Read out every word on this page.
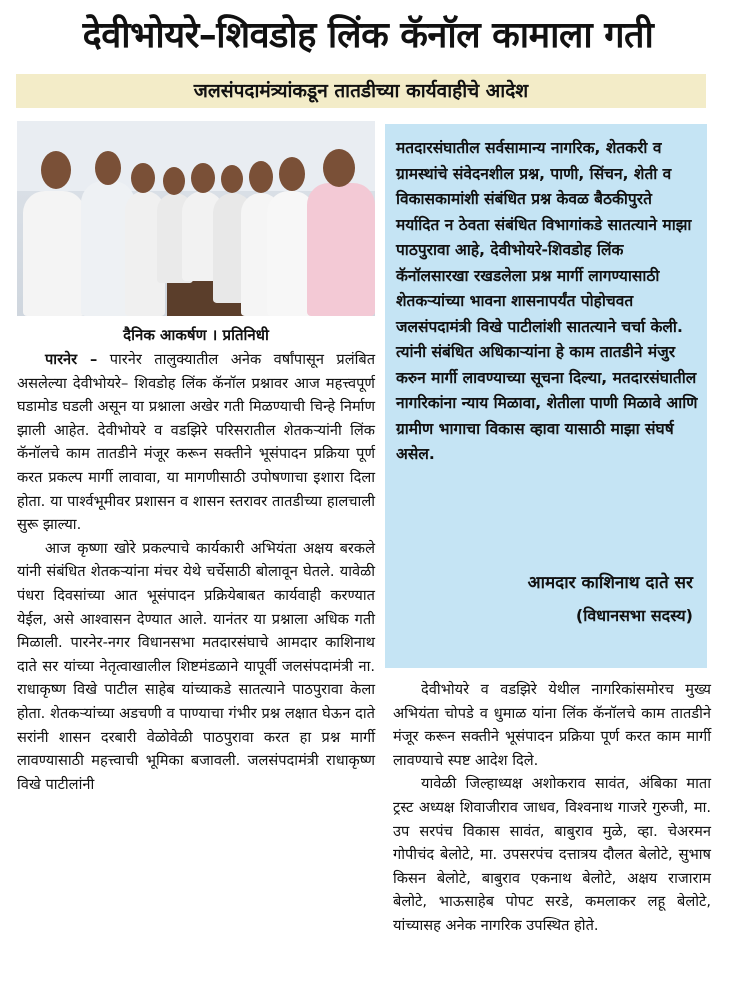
देवीभोयरे–शिवडोह लिंक कॅनॉल कामाला गती
जलसंपदामंत्र्यांकडून तातडीच्या कार्यवाहीचे आदेश
दैनिक आकर्षण । प्रतिनिधी

पारनेर – पारनेर तालुक्यातील अनेक वर्षांपासून प्रलंबित असलेल्या देवीभोयरे– शिवडोह लिंक कॅनॉल प्रश्नावर आज महत्त्वपूर्ण घडामोड घडली असून या प्रश्नाला अखेर गती मिळण्याची चिन्हे निर्माण झाली आहेत. देवीभोयरे व वडझिरे परिसरातील शेतकऱ्यांनी लिंक कॅनॉलचे काम तातडीने मंजूर करून सक्तीने भूसंपादन प्रक्रिया पूर्ण करत प्रकल्प मार्गी लावावा, या मागणीसाठी उपोषणाचा इशारा दिला होता. या पार्श्वभूमीवर प्रशासन व शासन स्तरावर तातडीच्या हालचाली सुरू झाल्या.

आज कृष्णा खोरे प्रकल्पाचे कार्यकारी अभियंता अक्षय बरकले यांनी संबंधित शेतकऱ्यांना मंचर येथे चर्चेसाठी बोलावून घेतले. यावेळी पंधरा दिवसांच्या आत भूसंपादन प्रक्रियेबाबत कार्यवाही करण्यात येईल, असे आश्वासन देण्यात आले. यानंतर या प्रश्नाला अधिक गती मिळाली. पारनेर-नगर विधानसभा मतदारसंघाचे आमदार काशिनाथ दाते सर यांच्या नेतृत्वाखालील शिष्टमंडळाने यापूर्वी जलसंपदामंत्री ना. राधाकृष्ण विखे पाटील साहेब यांच्याकडे सातत्याने पाठपुरावा केला होता. शेतकऱ्यांच्या अडचणी व पाण्याचा गंभीर प्रश्न लक्षात घेऊन दाते सरांनी शासन दरबारी वेळोवेळी पाठपुरावा करत हा प्रश्न मार्गी लावण्यासाठी महत्त्वाची भूमिका बजावली. जलसंपदामंत्री राधाकृष्ण विखे पाटीलांनी

मतदारसंघातील सर्वसामान्य नागरिक, शेतकरी व ग्रामस्थांचे संवेदनशील प्रश्न, पाणी, सिंचन, शेती व विकासकामांशी संबंधित प्रश्न केवळ बैठकीपुरते मर्यादित न ठेवता संबंधित विभागांकडे सातत्याने माझा पाठपुरावा आहे, देवीभोयरे-शिवडोह लिंक कॅनॉलसारखा रखडलेला प्रश्न मार्गी लागण्यासाठी शेतकऱ्यांच्या भावना शासनापर्यंत पोहोचवत जलसंपदामंत्री विखे पाटीलांशी सातत्याने चर्चा केली. त्यांनी संबंधित अधिकाऱ्यांना हे काम तातडीने मंजुर करुन मार्गी लावण्याच्या सूचना दिल्या, मतदारसंघातील नागरिकांना न्याय मिळावा, शेतीला पाणी मिळावे आणि ग्रामीण भागाचा विकास व्हावा यासाठी माझा संघर्ष असेल.
आमदार काशिनाथ दाते सर
(विधानसभा सदस्य)

देवीभोयरे व वडझिरे येथील नागरिकांसमोरच मुख्य अभियंता चोपडे व धुमाळ यांना लिंक कॅनॉलचे काम तातडीने मंजूर करून सक्तीने भूसंपादन प्रक्रिया पूर्ण करत काम मार्गी लावण्याचे स्पष्ट आदेश दिले.

यावेळी जिल्हाध्यक्ष अशोकराव सावंत, अंबिका माता ट्रस्ट अध्यक्ष शिवाजीराव जाधव, विश्वनाथ गाजरे गुरुजी, मा. उप सरपंच विकास सावंत, बाबुराव मुळे, व्हा. चेअरमन गोपीचंद बेलोटे, मा. उपसरपंच दत्तात्रय दौलत बेलोटे, सुभाष किसन बेलोटे, बाबुराव एकनाथ बेलोटे, अक्षय राजाराम बेलोटे, भाऊसाहेब पोपट सरडे, कमलाकर लहू बेलोटे, यांच्यासह अनेक नागरिक उपस्थित होते.
